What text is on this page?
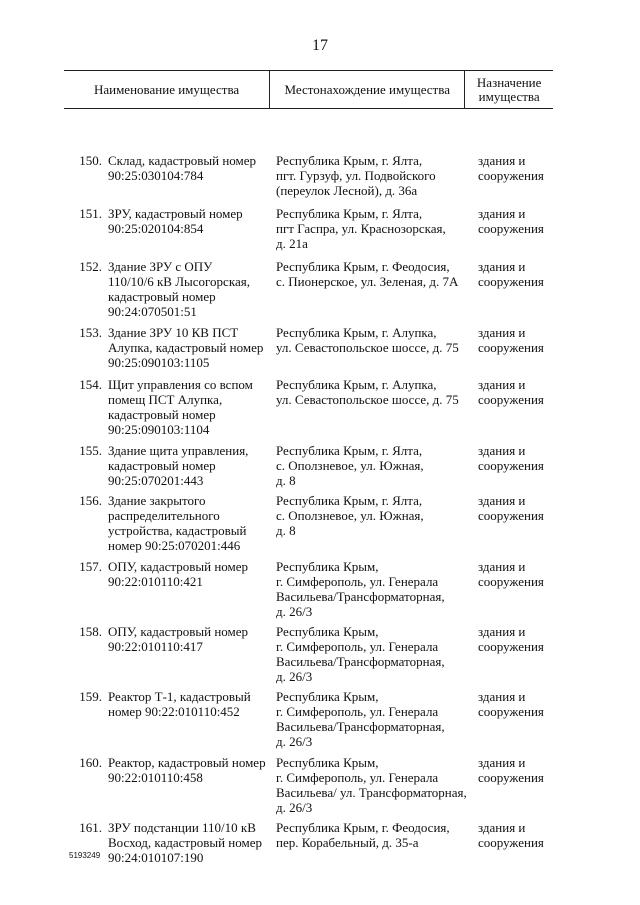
17
Наименование имущества	Местонахождение имущества	Назначение
имущества
150. Склад, кадастровый номер
90:25:030104:784
Республика Крым, г. Ялта,
пгт. Гурзуф, ул. Подвойского
(переулок Лесной), д. 36а
здания и
сооружения
151. ЗРУ, кадастровый номер
90:25:020104:854
Республика Крым, г. Ялта,
пгт Гаспра, ул. Краснозорская,
д. 21а
здания и
сооружения
152. Здание ЗРУ с ОПУ
110/10/6 кВ Лысогорская,
кадастровый номер
90:24:070501:51
Республика Крым, г. Феодосия,
с. Пионерское, ул. Зеленая, д. 7А
здания и
сооружения
153. Здание ЗРУ 10 КВ ПСТ
Алупка, кадастровый номер
90:25:090103:1105
Республика Крым, г. Алупка,
ул. Севастопольское шоссе, д. 75
здания и
сооружения
154. Щит управления со вспом
помещ ПСТ Алупка,
кадастровый номер
90:25:090103:1104
Республика Крым, г. Алупка,
ул. Севастопольское шоссе, д. 75
здания и
сооружения
155. Здание щита управления,
кадастровый номер
90:25:070201:443
Республика Крым, г. Ялта,
с. Оползневое, ул. Южная,
д. 8
здания и
сооружения
156. Здание закрытого
распределительного
устройства, кадастровый
номер 90:25:070201:446
Республика Крым, г. Ялта,
с. Оползневое, ул. Южная,
д. 8
здания и
сооружения
157. ОПУ, кадастровый номер
90:22:010110:421
Республика Крым,
г. Симферополь, ул. Генерала
Васильева/Трансформаторная,
д. 26/3
здания и
сооружения
158. ОПУ, кадастровый номер
90:22:010110:417
Республика Крым,
г. Симферополь, ул. Генерала
Васильева/Трансформаторная,
д. 26/3
здания и
сооружения
159. Реактор Т-1, кадастровый
номер 90:22:010110:452
Республика Крым,
г. Симферополь, ул. Генерала
Васильева/Трансформаторная,
д. 26/3
здания и
сооружения
160. Реактор, кадастровый номер
90:22:010110:458
Республика Крым,
г. Симферополь, ул. Генерала
Васильева/ ул. Трансформаторная,
д. 26/3
здания и
сооружения
161. ЗРУ подстанции 110/10 кВ
Восход, кадастровый номер
90:24:010107:190
Республика Крым, г. Феодосия,
пер. Корабельный, д. 35-а
здания и
сооружения
5193249
